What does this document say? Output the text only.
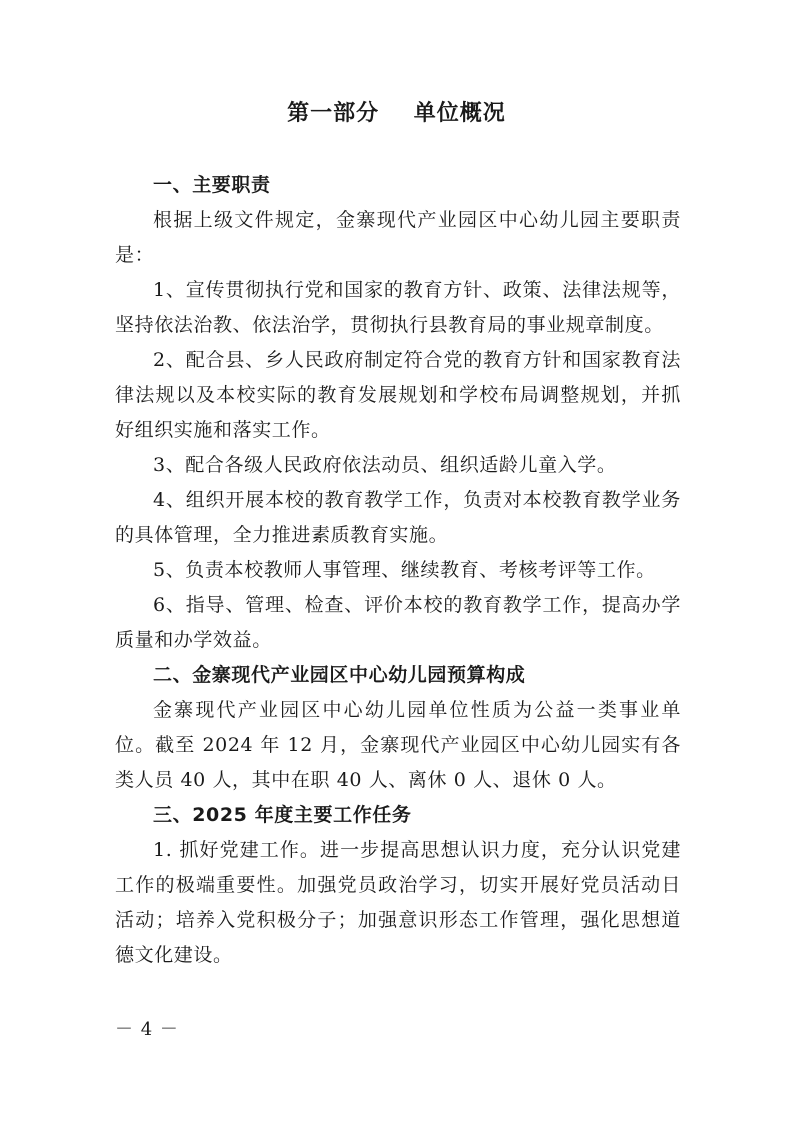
第一部分    单位概况

一、主要职责

根据上级文件规定，金寨现代产业园区中心幼儿园主要职责是：

1、宣传贯彻执行党和国家的教育方针、政策、法律法规等，坚持依法治教、依法治学，贯彻执行县教育局的事业规章制度。

2、配合县、乡人民政府制定符合党的教育方针和国家教育法律法规以及本校实际的教育发展规划和学校布局调整规划，并抓好组织实施和落实工作。

3、配合各级人民政府依法动员、组织适龄儿童入学。

4、组织开展本校的教育教学工作，负责对本校教育教学业务的具体管理，全力推进素质教育实施。

5、负责本校教师人事管理、继续教育、考核考评等工作。

6、指导、管理、检查、评价本校的教育教学工作，提高办学质量和办学效益。

二、金寨现代产业园区中心幼儿园预算构成

金寨现代产业园区中心幼儿园单位性质为公益一类事业单位。截至 2024 年 12 月，金寨现代产业园区中心幼儿园实有各类人员 40 人，其中在职 40 人、离休 0 人、退休 0 人。

三、2025 年度主要工作任务

1. 抓好党建工作。进一步提高思想认识力度，充分认识党建工作的极端重要性。加强党员政治学习，切实开展好党员活动日活动；培养入党积极分子；加强意识形态工作管理，强化思想道德文化建设。

－ 4 －
